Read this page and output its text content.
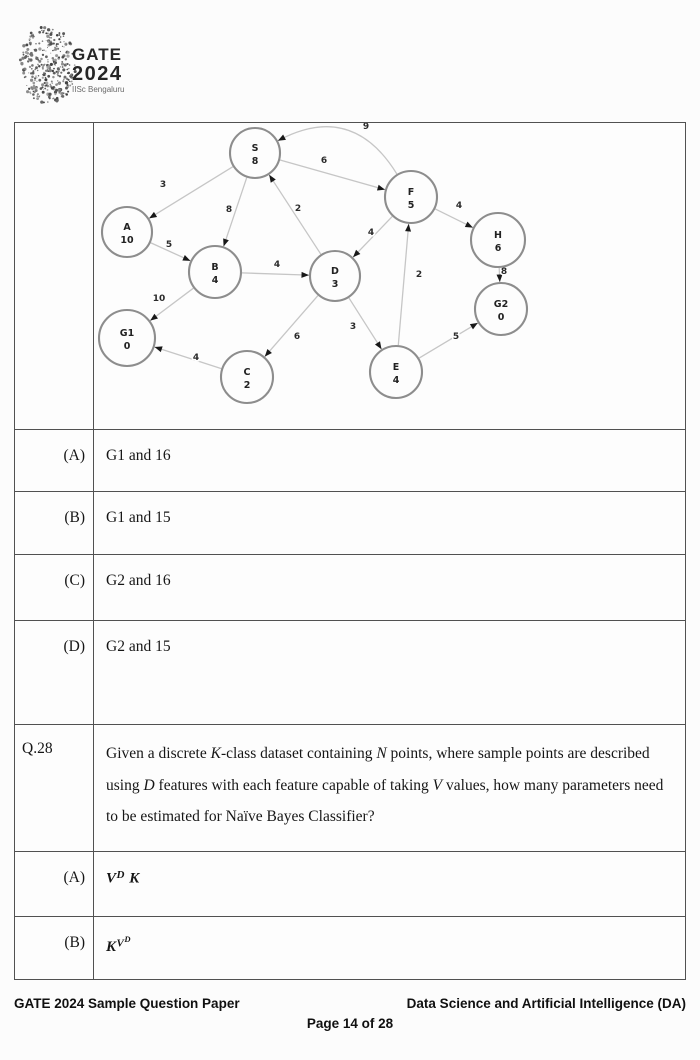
GATE
2024
IISc Bengaluru
3
8
6
9
5
4
10
2
4
4
2
6
3
4
5
8
S
8
A
10
B
4
D
3
F
5
H
6
G2
0
G1
0
C
2
E
4
(A)	G1 and 16
(B)	G1 and 15
(C)	G2 and 16
(D)	G2 and 15
Q.28	Given a discrete K-class dataset containing N points, where sample points are described using D features with each feature capable of taking V values, how many parameters need to be estimated for Naïve Bayes Classifier?
(A)	$V^D$ K
(B)	$K^{VD}$
GATE 2024 Sample Question Paper	Data Science and Artificial Intelligence (DA)
Page 14 of 28
